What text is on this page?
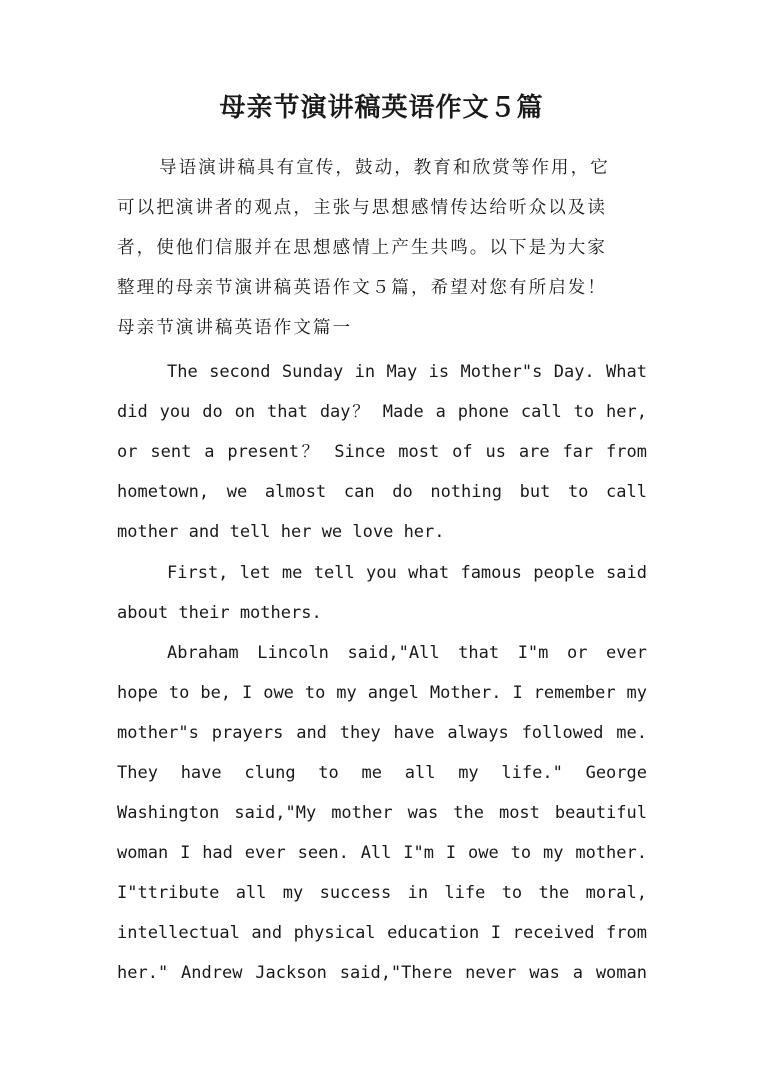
母亲节演讲稿英语作文５篇
导语演讲稿具有宣传，鼓动，教育和欣赏等作用，它
可以把演讲者的观点，主张与思想感情传达给听众以及读
者，使他们信服并在思想感情上产生共鸣。以下是为大家
整理的母亲节演讲稿英语作文５篇，希望对您有所启发！
母亲节演讲稿英语作文篇一
The second Sunday in May is Mother"s Day. What
did you do on that day？ Made a phone call to her,
or sent a present？ Since most of us are far from
hometown, we almost can do nothing but to call
mother and tell her we love her.
First, let me tell you what famous people said
about their mothers.
Abraham Lincoln said,"All that I"m or ever
hope to be, I owe to my angel Mother. I remember my
mother"s prayers and they have always followed me.
They have clung to me all my life." George
Washington said,"My mother was the most beautiful
woman I had ever seen. All I"m I owe to my mother.
I"ttribute all my success in life to the moral,
intellectual and physical education I received from
her." Andrew Jackson said,"There never was a woman
